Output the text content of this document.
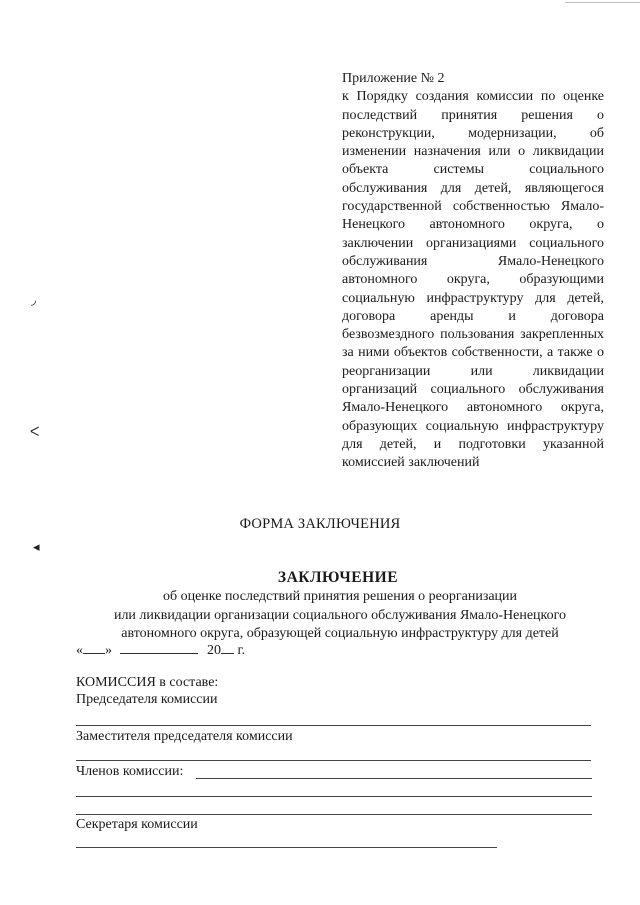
◞
ᐸ
◂
Приложение № 2
к Порядку создания комиссии по оценке последствий принятия решения о реконструкции, модернизации, об изменении назначения или о ликвидации объекта системы социального обслуживания для детей, являющегося государственной собственностью Ямало-Ненецкого автономного округа, о заключении организациями социального обслуживания Ямало-Ненецкого автономного округа, образующими социальную инфраструктуру для детей, договора аренды и договора безвозмездного пользования закрепленных за ними объектов собственности, а также о реорганизации или ликвидации организаций социального обслуживания Ямало-Ненецкого автономного округа, образующих социальную инфраструктуру для детей, и подготовки указанной комиссией заключений
ФОРМА ЗАКЛЮЧЕНИЯ
ЗАКЛЮЧЕНИЕ
об оценке последствий принятия решения о реорганизации
или ликвидации организации социального обслуживания Ямало-Ненецкого
автономного округа, образующей социальную инфраструктуру для детей
« »	20 г.
КОМИССИЯ в составе:
Председателя комиссии
Заместителя председателя комиссии
Членов комиссии:
Секретаря комиссии
